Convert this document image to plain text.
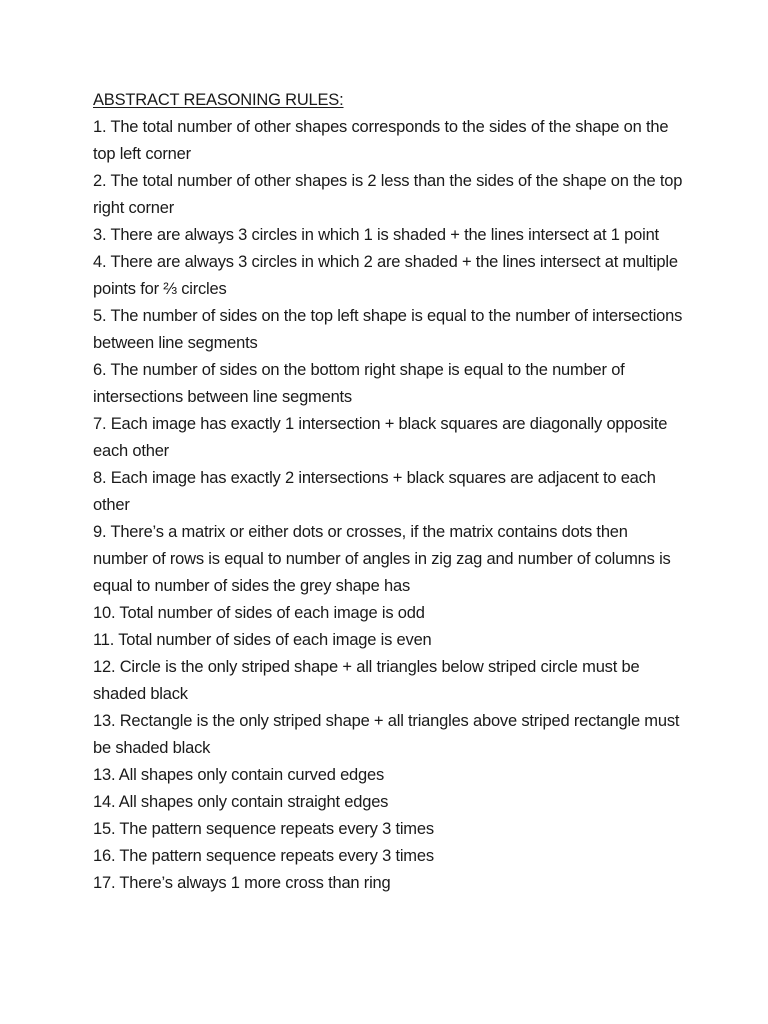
ABSTRACT REASONING RULES:
1. The total number of other shapes corresponds to the sides of the shape on the top left corner
2. The total number of other shapes is 2 less than the sides of the shape on the top right corner
3. There are always 3 circles in which 1 is shaded + the lines intersect at 1 point
4. There are always 3 circles in which 2 are shaded + the lines intersect at multiple points for ⅔ circles
5. The number of sides on the top left shape is equal to the number of intersections between line segments
6. The number of sides on the bottom right shape is equal to the number of intersections between line segments
7. Each image has exactly 1 intersection + black squares are diagonally opposite each other
8. Each image has exactly 2 intersections + black squares are adjacent to each other
9. There’s a matrix or either dots or crosses, if the matrix contains dots then number of rows is equal to number of angles in zig zag and number of columns is equal to number of sides the grey shape has
10. Total number of sides of each image is odd
11. Total number of sides of each image is even
12. Circle is the only striped shape + all triangles below striped circle must be shaded black
13. Rectangle is the only striped shape + all triangles above striped rectangle must be shaded black
13. All shapes only contain curved edges
14. All shapes only contain straight edges
15. The pattern sequence repeats every 3 times
16. The pattern sequence repeats every 3 times
17. There’s always 1 more cross than ring
